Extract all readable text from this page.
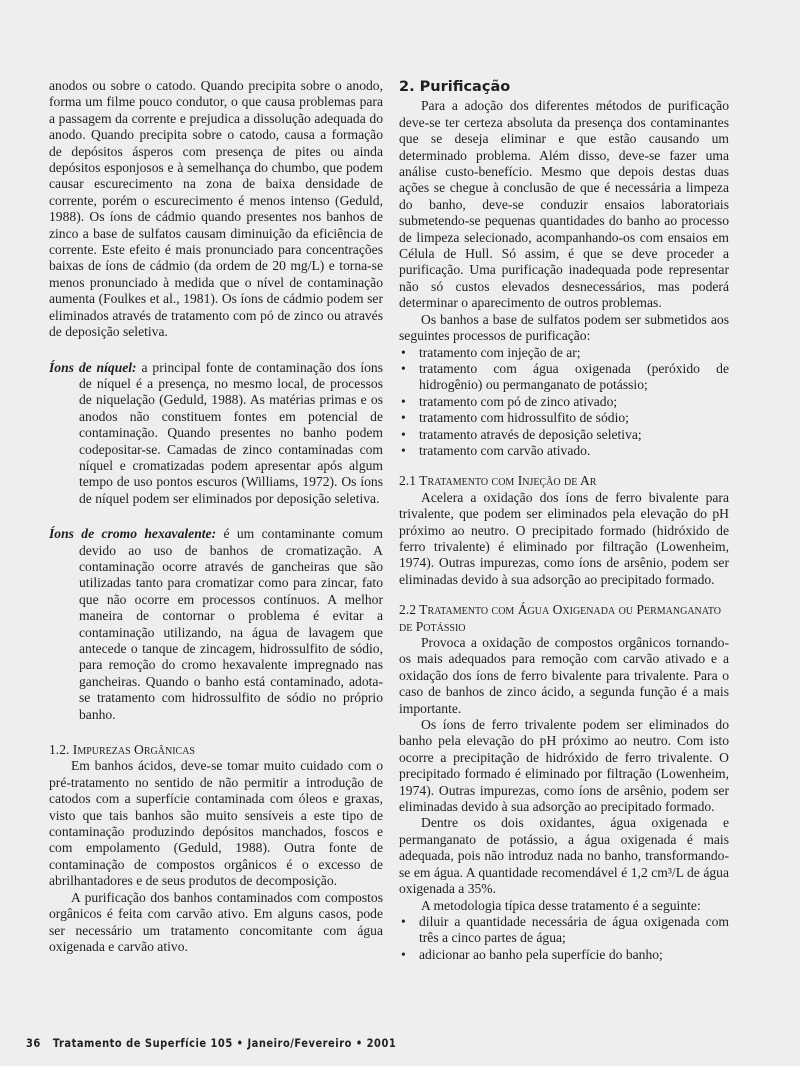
anodos ou sobre o catodo. Quando precipita sobre o anodo, forma um filme pouco condutor, o que causa problemas para a passagem da corrente e prejudica a dissolução adequada do anodo. Quando precipita sobre o catodo, causa a formação de depósitos ásperos com presença de pites ou ainda depósitos esponjosos e à semelhança do chumbo, que podem causar escurecimento na zona de baixa densidade de corrente, porém o escurecimento é menos intenso (Geduld, 1988). Os íons de cádmio quando presentes nos banhos de zinco a base de sulfatos causam diminuição da eficiência de corrente. Este efeito é mais pronunciado para concentrações baixas de íons de cádmio (da ordem de 20 mg/L) e torna-se menos pronunciado à medida que o nível de contaminação aumenta (Foulkes et al., 1981). Os íons de cádmio podem ser eliminados através de tratamento com pó de zinco ou através de deposição seletiva.

Íons de níquel: a principal fonte de contaminação dos íons de níquel é a presença, no mesmo local, de processos de niquelação (Geduld, 1988). As matérias primas e os anodos não constituem fontes em potencial de contaminação. Quando presentes no banho podem codepositar-se. Camadas de zinco contaminadas com níquel e cromatizadas podem apresentar após algum tempo de uso pontos escuros (Williams, 1972). Os íons de níquel podem ser eliminados por deposição seletiva.

Íons de cromo hexavalente: é um contaminante comum devido ao uso de banhos de cromatização. A contaminação ocorre através de gancheiras que são utilizadas tanto para cromatizar como para zincar, fato que não ocorre em processos contínuos. A melhor maneira de contornar o problema é evitar a contaminação utilizando, na água de lavagem que antecede o tanque de zincagem, hidrossulfito de sódio, para remoção do cromo hexavalente impregnado nas gancheiras. Quando o banho está contaminado, adota-se tratamento com hidrossulfito de sódio no próprio banho.

1.2. Impurezas Orgânicas

Em banhos ácidos, deve-se tomar muito cuidado com o pré-tratamento no sentido de não permitir a introdução de catodos com a superfície contaminada com óleos e graxas, visto que tais banhos são muito sensíveis a este tipo de contaminação produzindo depósitos manchados, foscos e com empolamento (Geduld, 1988). Outra fonte de contaminação de compostos orgânicos é o excesso de abrilhantadores e de seus produtos de decomposição.

A purificação dos banhos contaminados com compostos orgânicos é feita com carvão ativo. Em alguns casos, pode ser necessário um tratamento concomitante com água oxigenada e carvão ativo.

2. Purificação

Para a adoção dos diferentes métodos de purificação deve-se ter certeza absoluta da presença dos contaminantes que se deseja eliminar e que estão causando um determinado problema. Além disso, deve-se fazer uma análise custo-benefício. Mesmo que depois destas duas ações se chegue à conclusão de que é necessária a limpeza do banho, deve-se conduzir ensaios laboratoriais submetendo-se pequenas quantidades do banho ao processo de limpeza selecionado, acompanhando-os com ensaios em Célula de Hull. Só assim, é que se deve proceder a purificação. Uma purificação inadequada pode representar não só custos elevados desnecessários, mas poderá determinar o aparecimento de outros problemas.

Os banhos a base de sulfatos podem ser submetidos aos seguintes processos de purificação:

• tratamento com injeção de ar;
• tratamento com água oxigenada (peróxido de hidrogênio) ou permanganato de potássio;
• tratamento com pó de zinco ativado;
• tratamento com hidrossulfito de sódio;
• tratamento através de deposição seletiva;
• tratamento com carvão ativado.

2.1 Tratamento com Injeção de Ar

Acelera a oxidação dos íons de ferro bivalente para trivalente, que podem ser eliminados pela elevação do pH próximo ao neutro. O precipitado formado (hidróxido de ferro trivalente) é eliminado por filtração (Lowenheim, 1974). Outras impurezas, como íons de arsênio, podem ser eliminadas devido à sua adsorção ao precipitado formado.

2.2 Tratamento com Água Oxigenada ou Permanganato de Potássio

Provoca a oxidação de compostos orgânicos tornando-os mais adequados para remoção com carvão ativado e a oxidação dos íons de ferro bivalente para trivalente. Para o caso de banhos de zinco ácido, a segunda função é a mais importante.

Os íons de ferro trivalente podem ser eliminados do banho pela elevação do pH próximo ao neutro. Com isto ocorre a precipitação de hidróxido de ferro trivalente. O precipitado formado é eliminado por filtração (Lowenheim, 1974). Outras impurezas, como íons de arsênio, podem ser eliminadas devido à sua adsorção ao precipitado formado.

Dentre os dois oxidantes, água oxigenada e permanganato de potássio, a água oxigenada é mais adequada, pois não introduz nada no banho, transformando-se em água. A quantidade recomendável é 1,2 cm³/L de água oxigenada a 35%.

A metodologia típica desse tratamento é a seguinte:

• diluir a quantidade necessária de água oxigenada com três a cinco partes de água;
• adicionar ao banho pela superfície do banho;
36 Tratamento de Superfície 105 • Janeiro/Fevereiro • 2001
